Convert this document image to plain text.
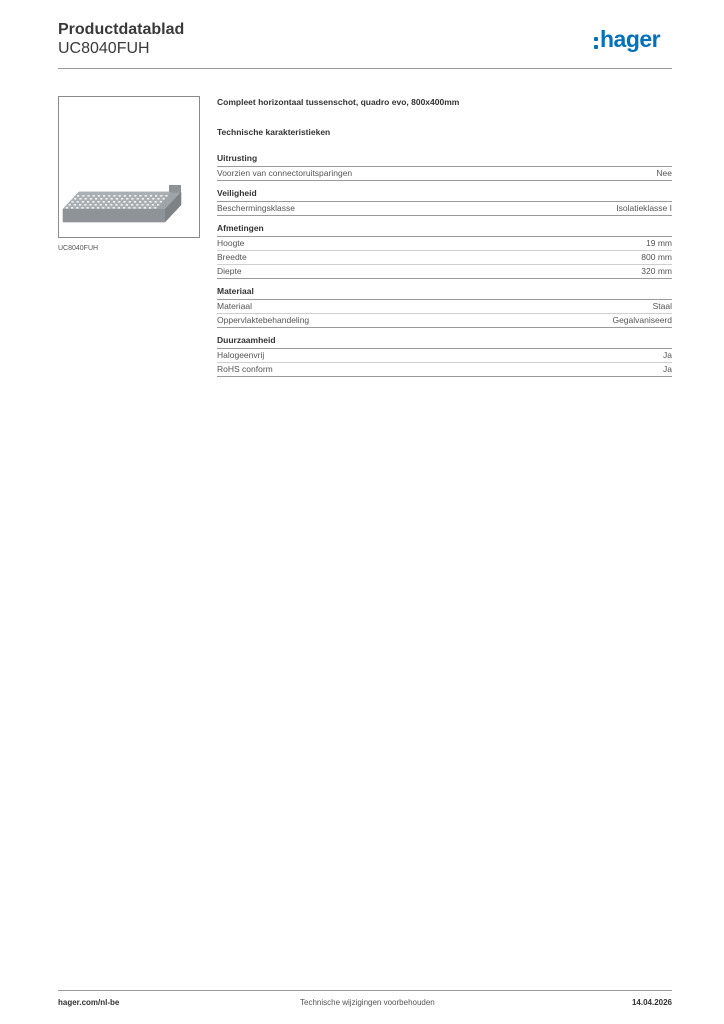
Productdatablad
UC8040FUH	hager
UC8040FUH
Compleet horizontaal tussenschot, quadro evo, 800x400mm
Technische karakteristieken
Uitrusting
Voorzien van connectoruitsparingen	Nee
Veiligheid
Beschermingsklasse	Isolatieklasse I
Afmetingen
Hoogte	19 mm
Breedte	800 mm
Diepte	320 mm
Materiaal
Materiaal	Staal
Oppervlaktebehandeling	Gegalvaniseerd
Duurzaamheid
Halogeenvrij	Ja
RoHS conform	Ja
hager.com/nl-be	Technische wijzigingen voorbehouden	14.04.2026
